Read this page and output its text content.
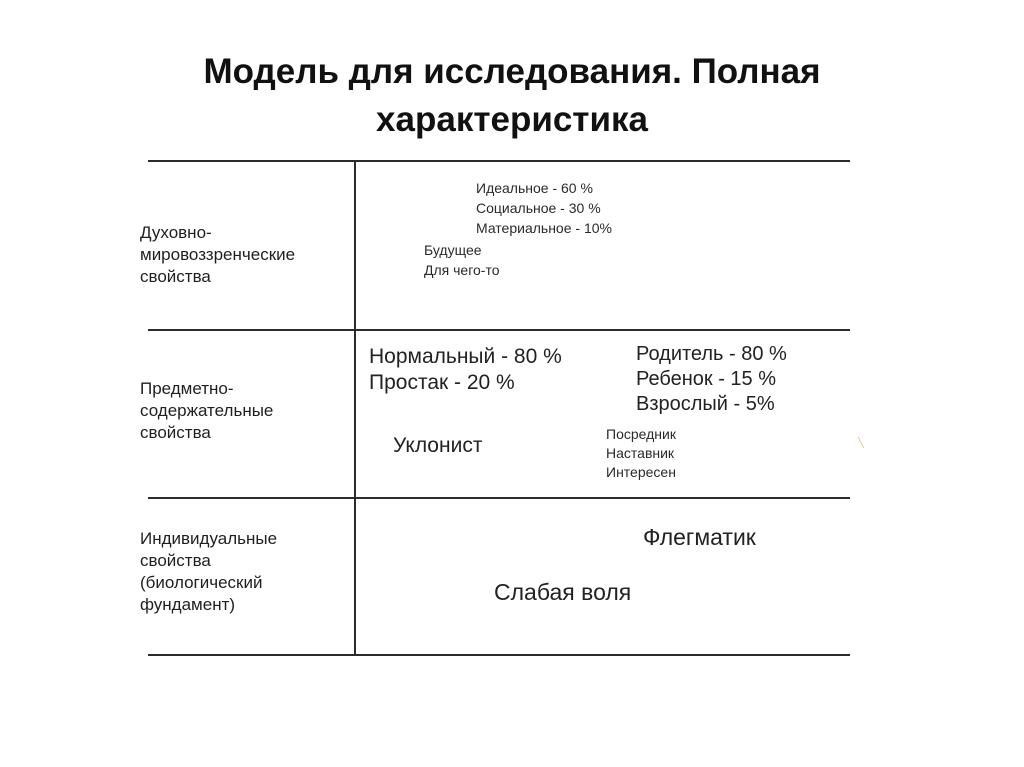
Модель для исследования. Полная
характеристика
Духовно-
мировоззренческие
свойства
Идеальное - 60 %
Социальное - 30 %
Материальное - 10%
Будущее
Для чего-то
Предметно-
содержательные
свойства
Нормальный - 80 %
Простак - 20 %
Родитель - 80 %
Ребенок - 15 %
Взрослый - 5%
Уклонист	Посредник
Наставник
Интересен
╲
Индивидуальные
свойства
(биологический
фундамент)
Флегматик
Слабая воля
